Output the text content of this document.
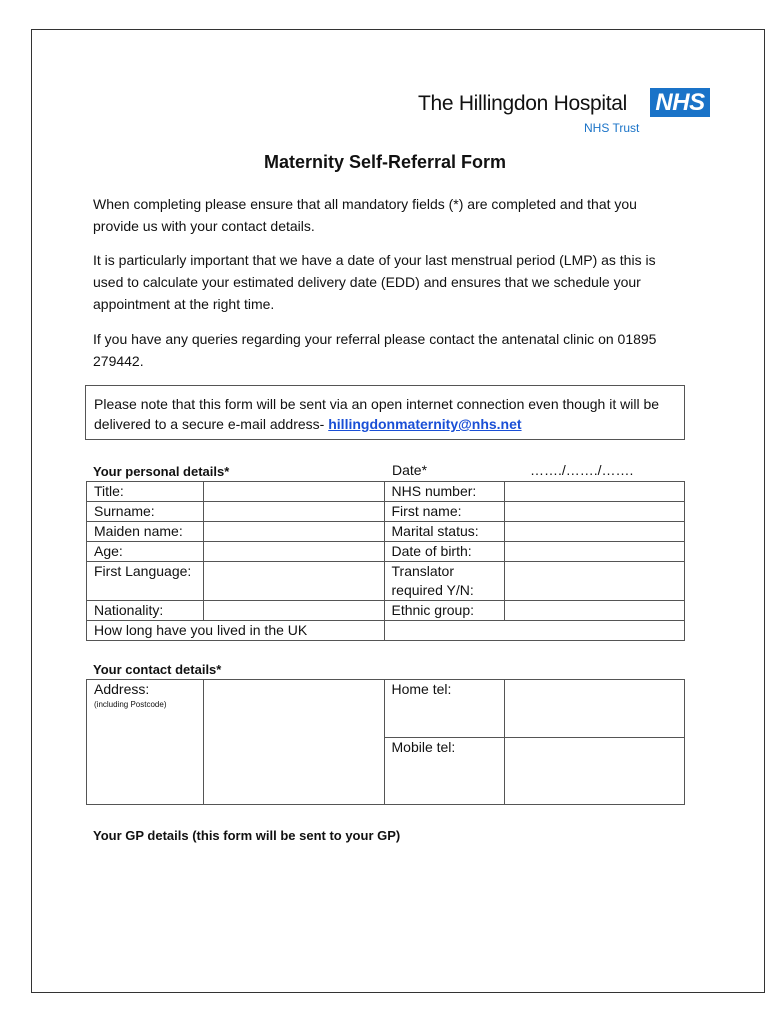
The Hillingdon Hospital NHS
NHS Trust
Maternity Self-Referral Form
When completing please ensure that all mandatory fields (*) are completed and that you provide us with your contact details.
It is particularly important that we have a date of your last menstrual period (LMP) as this is used to calculate your estimated delivery date (EDD) and ensures that we schedule your appointment at the right time.
If you have any queries regarding your referral please contact the antenatal clinic on 01895 279442.
Please note that this form will be sent via an open internet connection even though it will be delivered to a secure e-mail address- hillingdonmaternity@nhs.net
Your personal details*	Date*	……./……./…….
Title:		NHS number:	
Surname:		First name:	
Maiden name:		Marital status:	
Age:		Date of birth:	
First Language:		Translator required Y/N:	
Nationality:		Ethnic group:	
How long have you lived in the UK			
Your contact details*
Address:
(including Postcode)		Home tel:	
		Mobile tel:	
Your GP details (this form will be sent to your GP)
